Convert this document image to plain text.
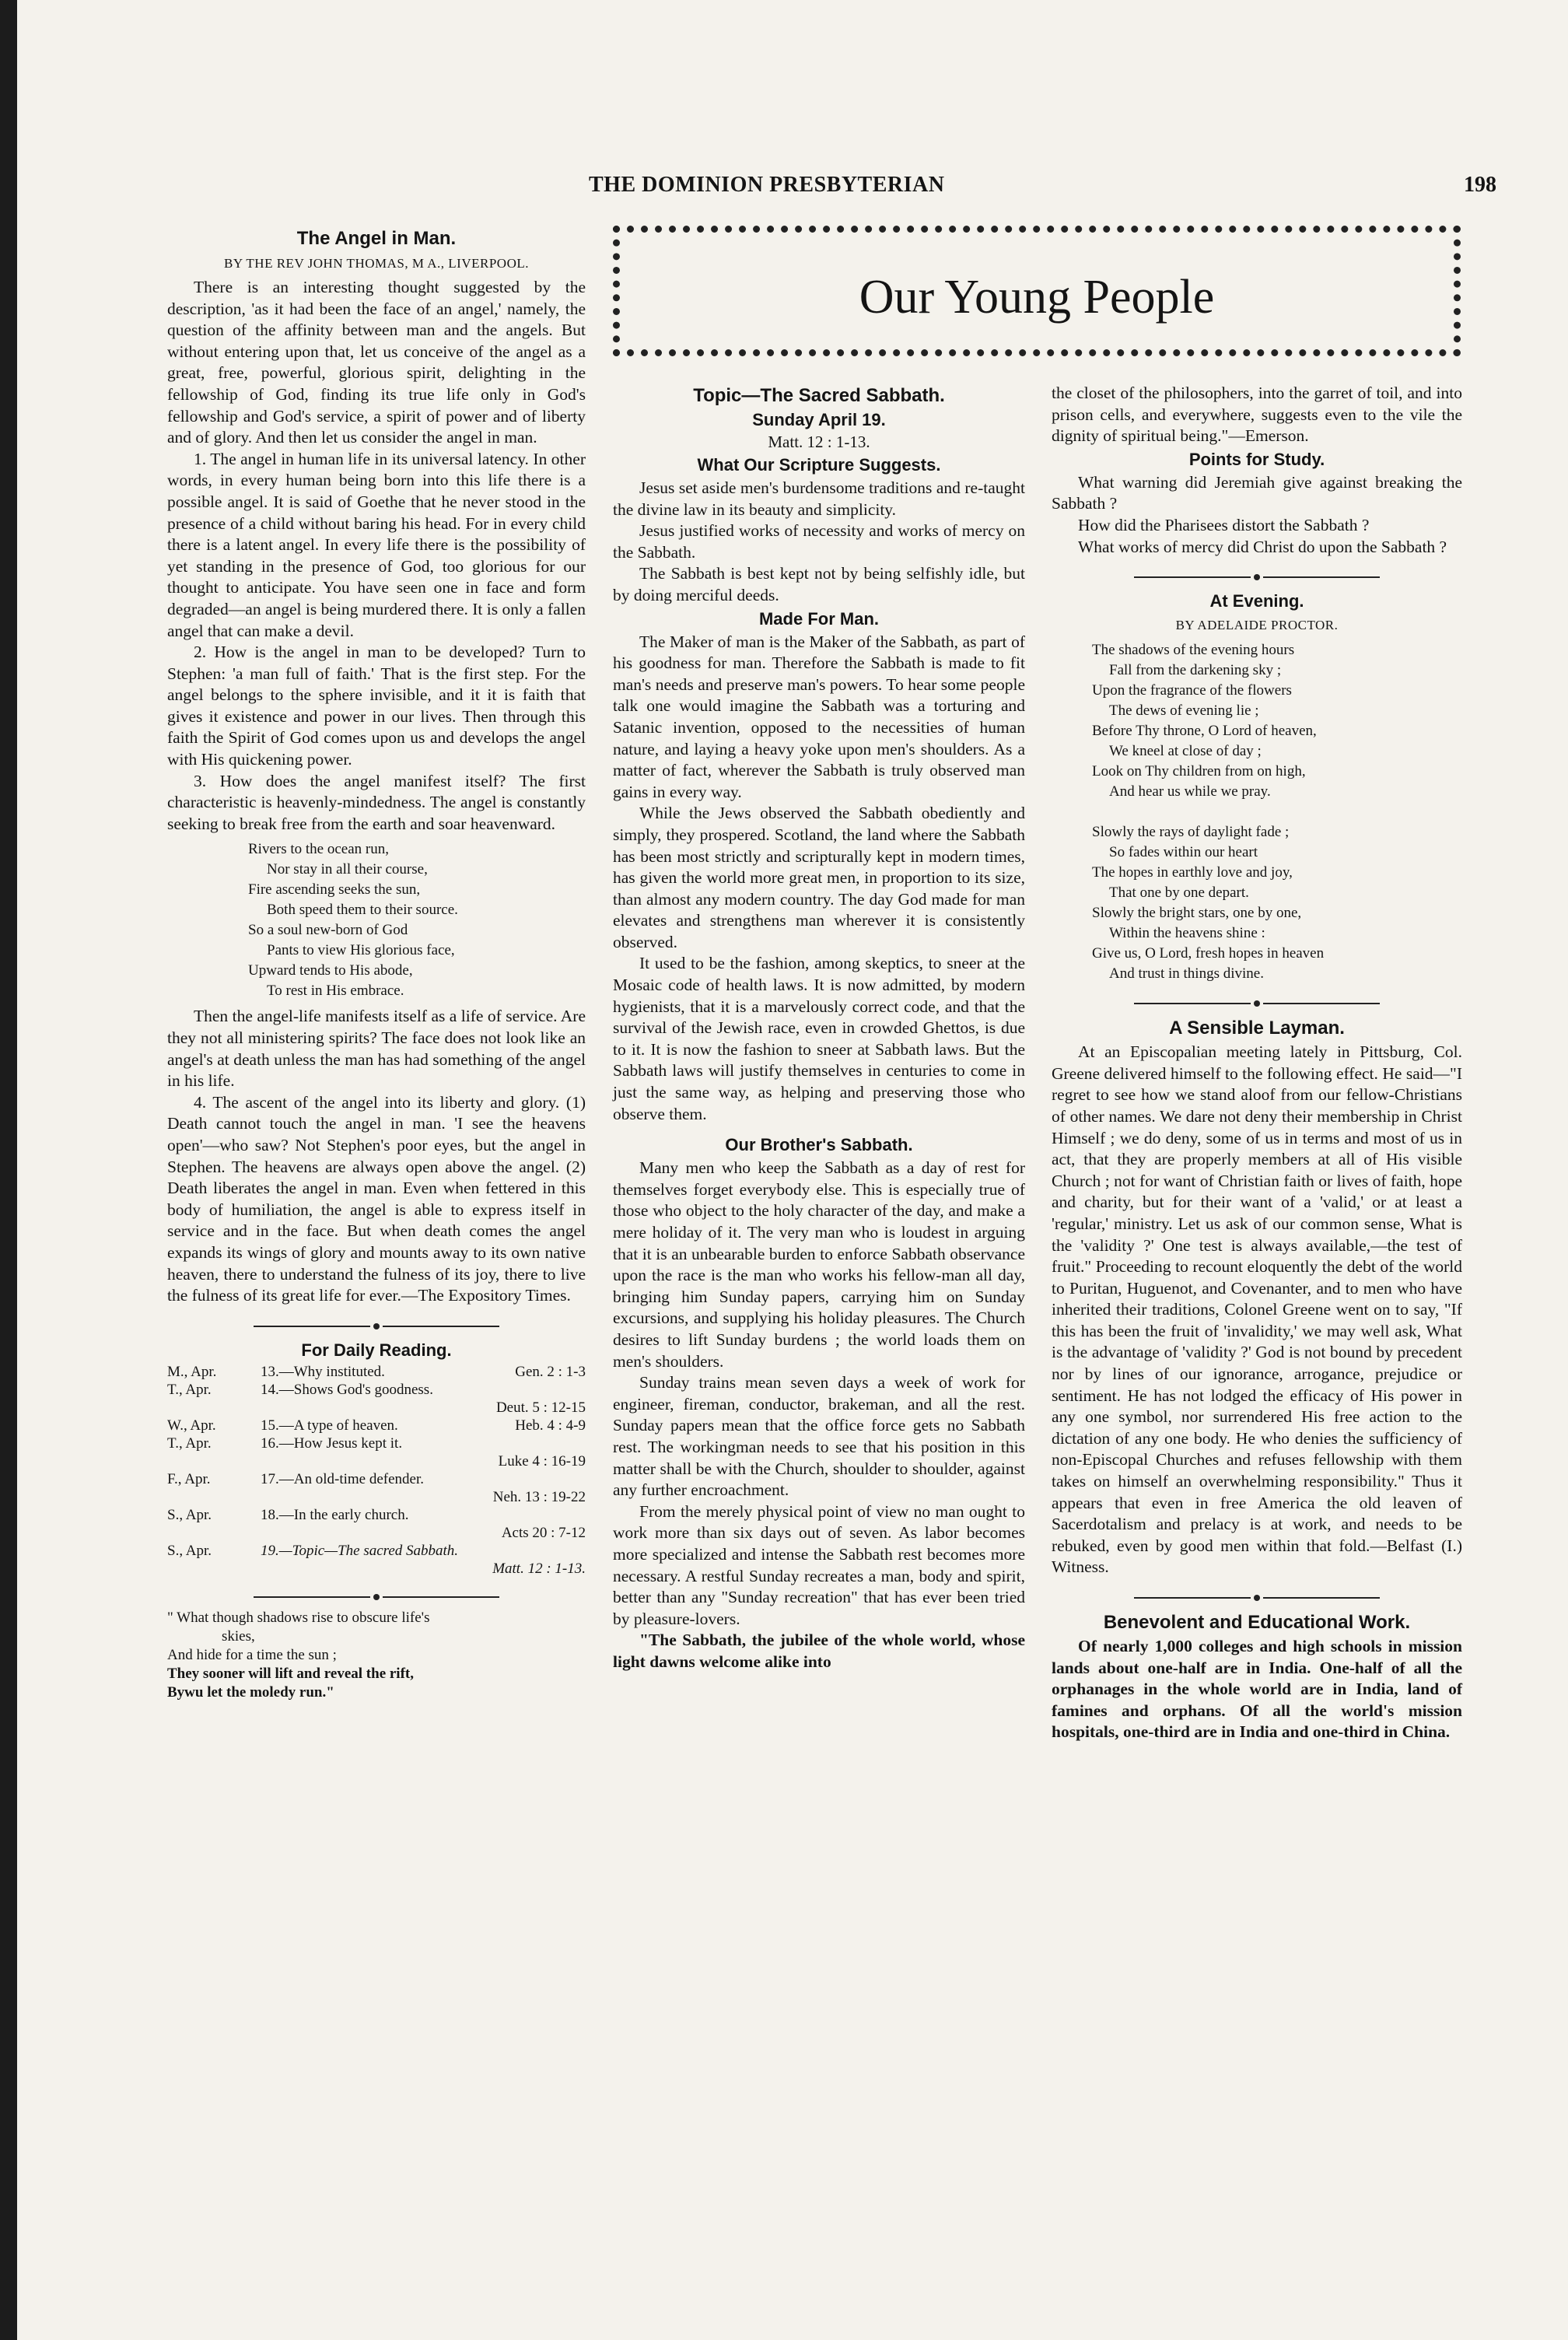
THE DOMINION PRESBYTERIAN	198
Our Young People
The Angel in Man.
BY THE REV JOHN THOMAS, M A., LIVERPOOL.

There is an interesting thought suggested by the description, 'as it had been the face of an angel,' namely, the question of the affinity between man and the angels. But without entering upon that, let us conceive of the angel as a great, free, powerful, glorious spirit, delighting in the fellowship of God, finding its true life only in God's fellowship and God's service, a spirit of power and of liberty and of glory. And then let us consider the angel in man.

1. The angel in human life in its universal latency. In other words, in every human being born into this life there is a possible angel. It is said of Goethe that he never stood in the presence of a child without baring his head. For in every child there is a latent angel. In every life there is the possibility of yet standing in the presence of God, too glorious for our thought to anticipate. You have seen one in face and form degraded—an angel is being murdered there. It is only a fallen angel that can make a devil.

2. How is the angel in man to be developed? Turn to Stephen: 'a man full of faith.' That is the first step. For the angel belongs to the sphere invisible, and it it is faith that gives it existence and power in our lives. Then through this faith the Spirit of God comes upon us and develops the angel with His quickening power.

3. How does the angel manifest itself? The first characteristic is heavenly-mindedness. The angel is constantly seeking to break free from the earth and soar heavenward.

Rivers to the ocean run,
Nor stay in all their course,
Fire ascending seeks the sun,
Both speed them to their source.
So a soul new-born of God
Pants to view His glorious face,
Upward tends to His abode,
To rest in His embrace.

Then the angel-life manifests itself as a life of service. Are they not all ministering spirits? The face does not look like an angel's at death unless the man has had something of the angel in his life.

4. The ascent of the angel into its liberty and glory. (1) Death cannot touch the angel in man. 'I see the heavens open'—who saw? Not Stephen's poor eyes, but the angel in Stephen. The heavens are always open above the angel. (2) Death liberates the angel in man. Even when fettered in this body of humiliation, the angel is able to express itself in service and in the face. But when death comes the angel expands its wings of glory and mounts away to its own native heaven, there to understand the fulness of its joy, there to live the fulness of its great life for ever.—The Expository Times.

For Daily Reading.
M., Apr.	13.—Why instituted.	Gen. 2 : 1-3
T., Apr.	14.—Shows God's goodness.	
	Deut. 5 : 12-15	
W., Apr.	15.—A type of heaven.	Heb. 4 : 4-9
T., Apr.	16.—How Jesus kept it.	
	Luke 4 : 16-19	
F., Apr.	17.—An old-time defender.	
	Neh. 13 : 19-22	
S., Apr.	18.—In the early church.	
	Acts 20 : 7-12	
S., Apr.	19.—Topic—The sacred Sabbath.	
	Matt. 12 : 1-13.	
" What though shadows rise to obscure life's
skies,
And hide for a time the sun ;
They sooner will lift and reveal the rift,
Bywu let the moledy run."
Topic—The Sacred Sabbath.
Sunday April 19.
Matt. 12 : 1-13.
What Our Scripture Suggests.

Jesus set aside men's burdensome traditions and re-taught the divine law in its beauty and simplicity.

Jesus justified works of necessity and works of mercy on the Sabbath.

The Sabbath is best kept not by being selfishly idle, but by doing merciful deeds.

Made For Man.

The Maker of man is the Maker of the Sabbath, as part of his goodness for man. Therefore the Sabbath is made to fit man's needs and preserve man's powers. To hear some people talk one would imagine the Sabbath was a torturing and Satanic invention, opposed to the necessities of human nature, and laying a heavy yoke upon men's shoulders. As a matter of fact, wherever the Sabbath is truly observed man gains in every way.

While the Jews observed the Sabbath obediently and simply, they prospered. Scotland, the land where the Sabbath has been most strictly and scripturally kept in modern times, has given the world more great men, in proportion to its size, than almost any modern country. The day God made for man elevates and strengthens man wherever it is consistently observed.

It used to be the fashion, among skeptics, to sneer at the Mosaic code of health laws. It is now admitted, by modern hygienists, that it is a marvelously correct code, and that the survival of the Jewish race, even in crowded Ghettos, is due to it. It is now the fashion to sneer at Sabbath laws. But the Sabbath laws will justify themselves in centuries to come in just the same way, as helping and preserving those who observe them.

Our Brother's Sabbath.

Many men who keep the Sabbath as a day of rest for themselves forget everybody else. This is especially true of those who object to the holy character of the day, and make a mere holiday of it. The very man who is loudest in arguing that it is an unbearable burden to enforce Sabbath observance upon the race is the man who works his fellow-man all day, bringing him Sunday papers, carrying him on Sunday excursions, and supplying his holiday pleasures. The Church desires to lift Sunday burdens ; the world loads them on men's shoulders.

Sunday trains mean seven days a week of work for engineer, fireman, conductor, brakeman, and all the rest. Sunday papers mean that the office force gets no Sabbath rest. The workingman needs to see that his position in this matter shall be with the Church, shoulder to shoulder, against any further encroachment.

From the merely physical point of view no man ought to work more than six days out of seven. As labor becomes more specialized and intense the Sabbath rest becomes more necessary. A restful Sunday recreates a man, body and spirit, better than any "Sunday recreation" that has ever been tried by pleasure-lovers.

"The Sabbath, the jubilee of the whole world, whose light dawns welcome alike into

the closet of the philosophers, into the garret of toil, and into prison cells, and everywhere, suggests even to the vile the dignity of spiritual being."—Emerson.

Points for Study.

What warning did Jeremiah give against breaking the Sabbath ?

How did the Pharisees distort the Sabbath ?

What works of mercy did Christ do upon the Sabbath ?

At Evening.
BY ADELAIDE PROCTOR.
The shadows of the evening hours
Fall from the darkening sky ;
Upon the fragrance of the flowers
The dews of evening lie ;
Before Thy throne, O Lord of heaven,
We kneel at close of day ;
Look on Thy children from on high,
And hear us while we pray.
Slowly the rays of daylight fade ;
So fades within our heart
The hopes in earthly love and joy,
That one by one depart.
Slowly the bright stars, one by one,
Within the heavens shine :
Give us, O Lord, fresh hopes in heaven
And trust in things divine.
A Sensible Layman.

At an Episcopalian meeting lately in Pittsburg, Col. Greene delivered himself to the following effect. He said—"I regret to see how we stand aloof from our fellow-Christians of other names. We dare not deny their membership in Christ Himself ; we do deny, some of us in terms and most of us in act, that they are properly members at all of His visible Church ; not for want of Christian faith or lives of faith, hope and charity, but for their want of a 'valid,' or at least a 'regular,' ministry. Let us ask of our common sense, What is the 'validity ?' One test is always available,—the test of fruit." Proceeding to recount eloquently the debt of the world to Puritan, Huguenot, and Covenanter, and to men who have inherited their traditions, Colonel Greene went on to say, "If this has been the fruit of 'invalidity,' we may well ask, What is the advantage of 'validity ?' God is not bound by precedent nor by lines of our ignorance, arrogance, prejudice or sentiment. He has not lodged the efficacy of His power in any one symbol, nor surrendered His free action to the dictation of any one body. He who denies the sufficiency of non-Episcopal Churches and refuses fellowship with them takes on himself an overwhelming responsibility." Thus it appears that even in free America the old leaven of Sacerdotalism and prelacy is at work, and needs to be rebuked, even by good men within that fold.—Belfast (I.) Witness.

Benevolent and Educational Work.

Of nearly 1,000 colleges and high schools in mission lands about one-half are in India. One-half of all the orphanages in the whole world are in India, land of famines and orphans. Of all the world's mission hospitals, one-third are in India and one-third in China.
